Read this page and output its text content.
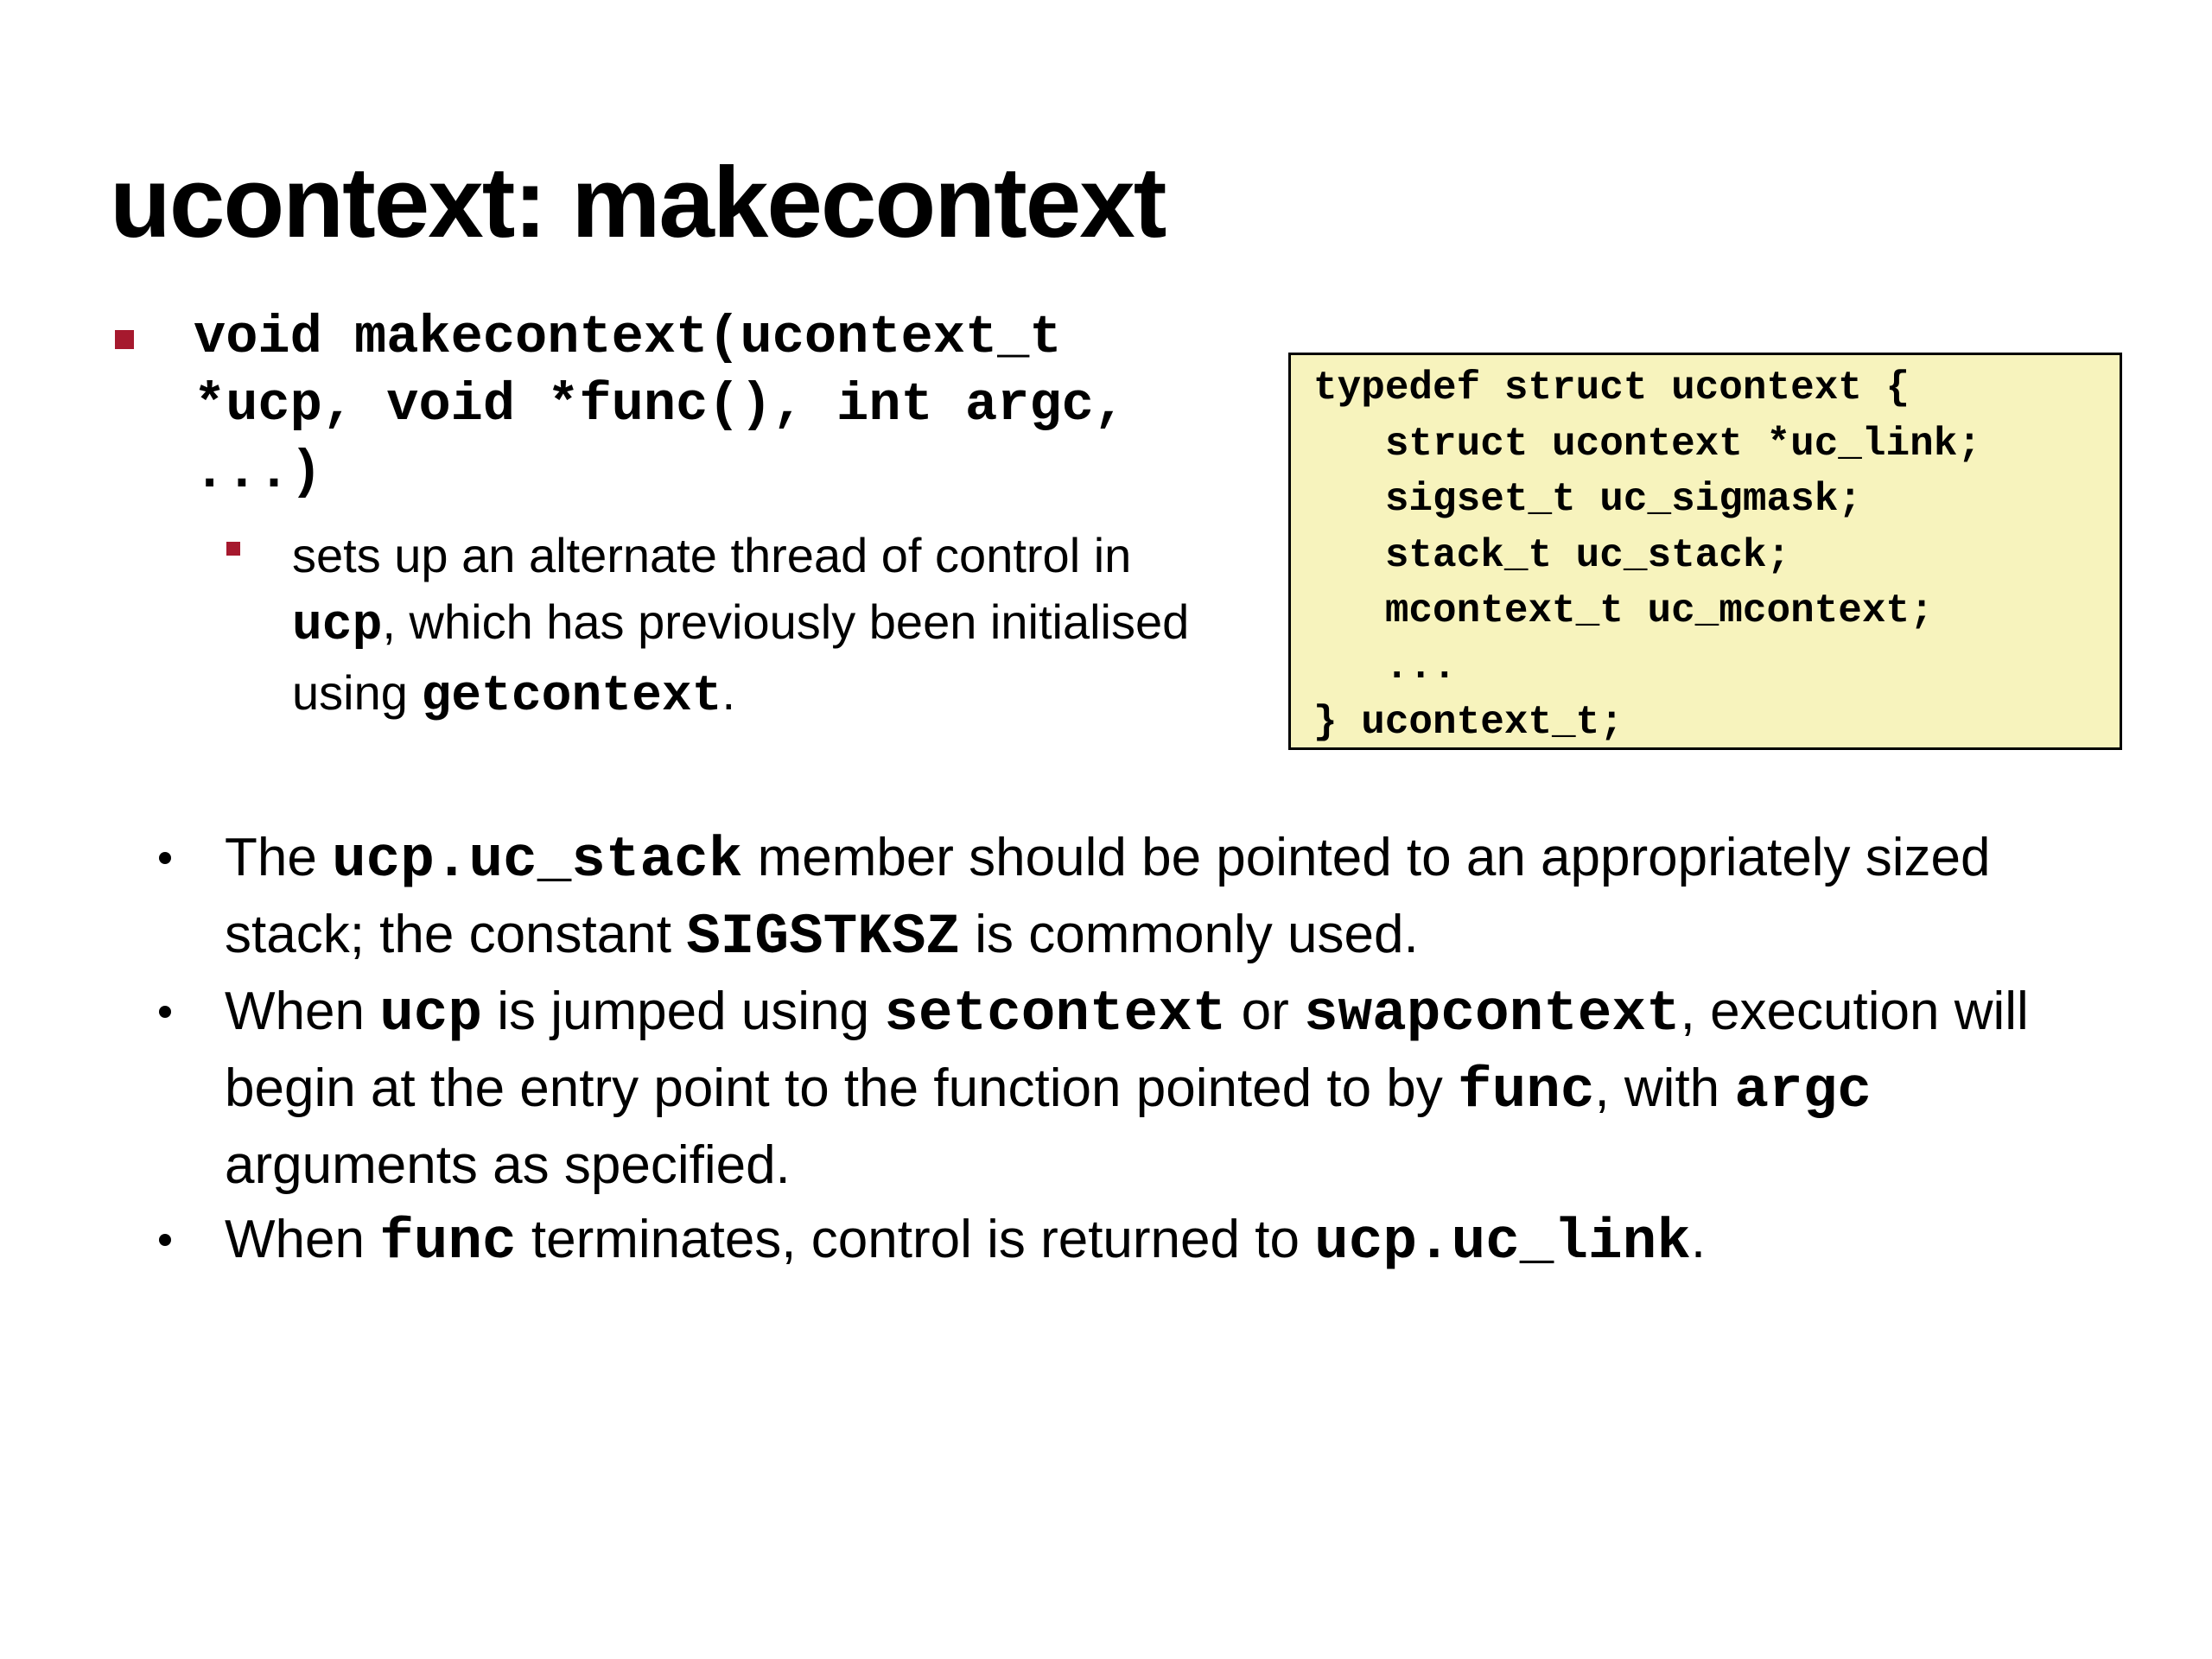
ucontext: makecontext
void makecontext(ucontext_t
*ucp, void *func(), int argc,
...)

sets up an alternate thread of control in ucp, which has previously been initialised using getcontext.

typedef struct ucontext {
struct ucontext *uc_link;
sigset_t uc_sigmask;
stack_t uc_stack;
mcontext_t uc_mcontext;
...
} ucontext_t;
The ucp.uc_stack member should be pointed to an appropriately sized stack; the constant SIGSTKSZ is commonly used.
When ucp is jumped using setcontext or swapcontext, execution will begin at the entry point to the function pointed to by func, with argc arguments as specified.
When func terminates, control is returned to ucp.uc_link.
